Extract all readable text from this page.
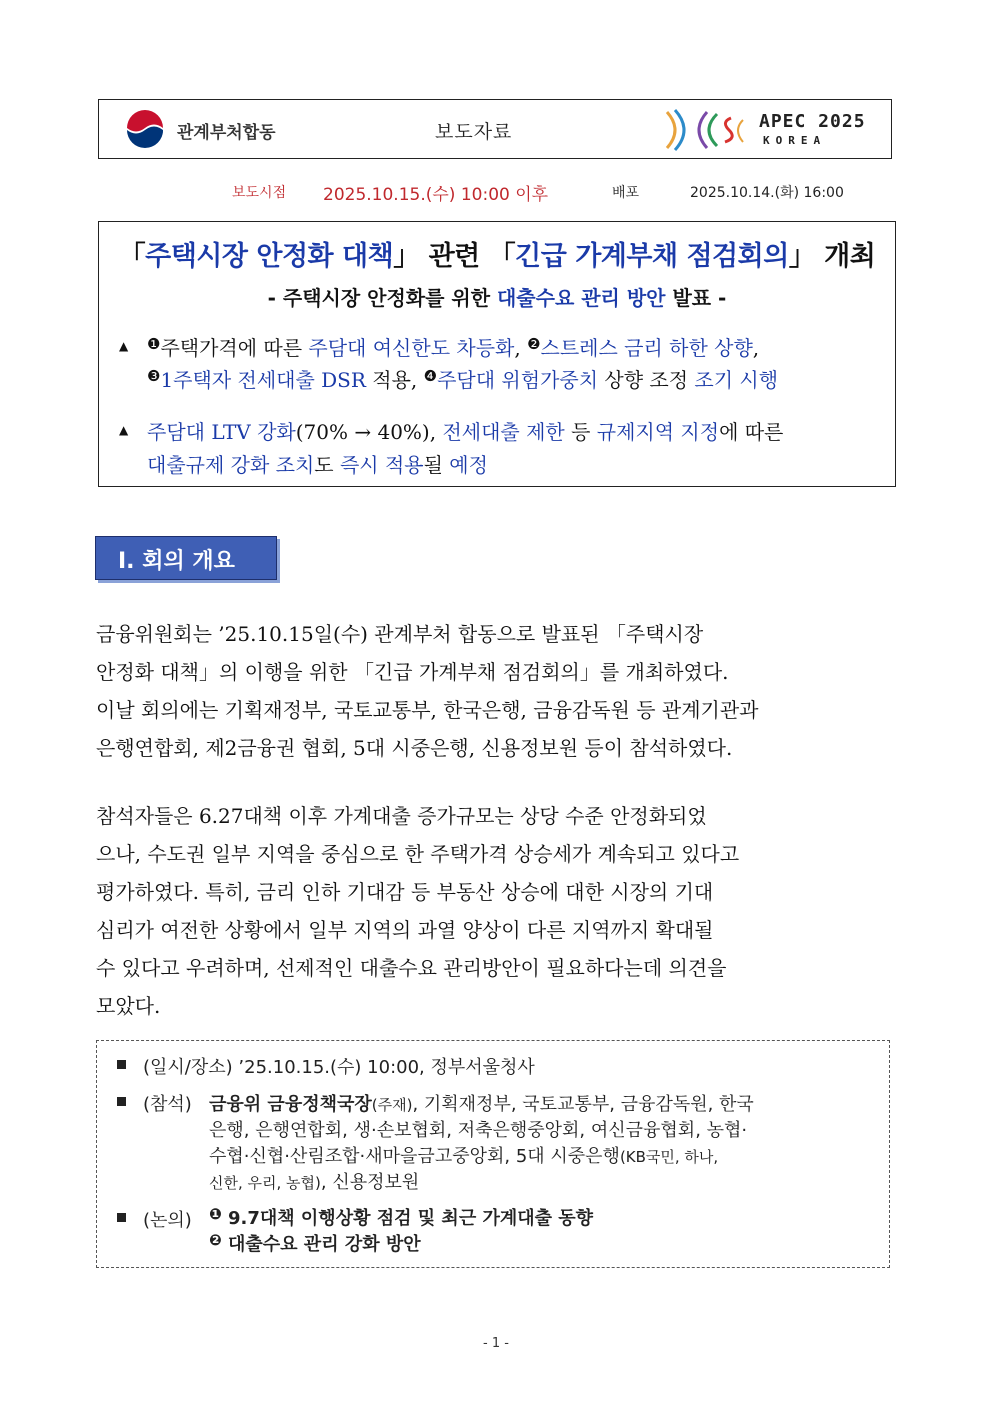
관계부처합동	보도자료	APEC 2025
KOREA
보도시점 2025.10.15.(수) 10:00 이후	배포	2025.10.14.(화) 16:00
「주택시장 안정화 대책」 관련 「긴급 가계부채 점검회의」 개최
- 주택시장 안정화를 위한 대출수요 관리 방안 발표 -
▲ $^❶$주택가격에 따른 주담대 여신한도 차등화, $^❷$스트레스 금리 하한 상향,
$^❸$1주택자 전세대출 DSR 적용, $^❹$주담대 위험가중치 상향 조정 조기 시행
▲ 주담대 LTV 강화(70% → 40%), 전세대출 제한 등 규제지역 지정에 따른
대출규제 강화 조치도 즉시 적용될 예정
Ⅰ. 회의 개요
금융위원회는 ’25.10.15일(수) 관계부처 합동으로 발표된 「주택시장
안정화 대책」의 이행을 위한 「긴급 가계부채 점검회의」를 개최하였다.
이날 회의에는 기획재정부, 국토교통부, 한국은행, 금융감독원 등 관계기관과
은행연합회, 제2금융권 협회, 5대 시중은행, 신용정보원 등이 참석하였다.
참석자들은 6.27대책 이후 가계대출 증가규모는 상당 수준 안정화되었
으나, 수도권 일부 지역을 중심으로 한 주택가격 상승세가 계속되고 있다고
평가하였다. 특히, 금리 인하 기대감 등 부동산 상승에 대한 시장의 기대
심리가 여전한 상황에서 일부 지역의 과열 양상이 다른 지역까지 확대될
수 있다고 우려하며, 선제적인 대출수요 관리방안이 필요하다는데 의견을
모았다.
(일시/장소) ’25.10.15.(수) 10:00, 정부서울청사
(참석) 금융위 금융정책국장(주재), 기획재정부, 국토교통부, 금융감독원, 한국
은행, 은행연합회, 생·손보협회, 저축은행중앙회, 여신금융협회, 농협·
수협·신협·산림조합·새마을금고중앙회, 5대 시중은행(KB국민, 하나,
신한, 우리, 농협), 신용정보원
(논의) $^❶$ 9.7대책 이행상황 점검 및 최근 가계대출 동향
$^❷$ 대출수요 관리 강화 방안
- 1 -
